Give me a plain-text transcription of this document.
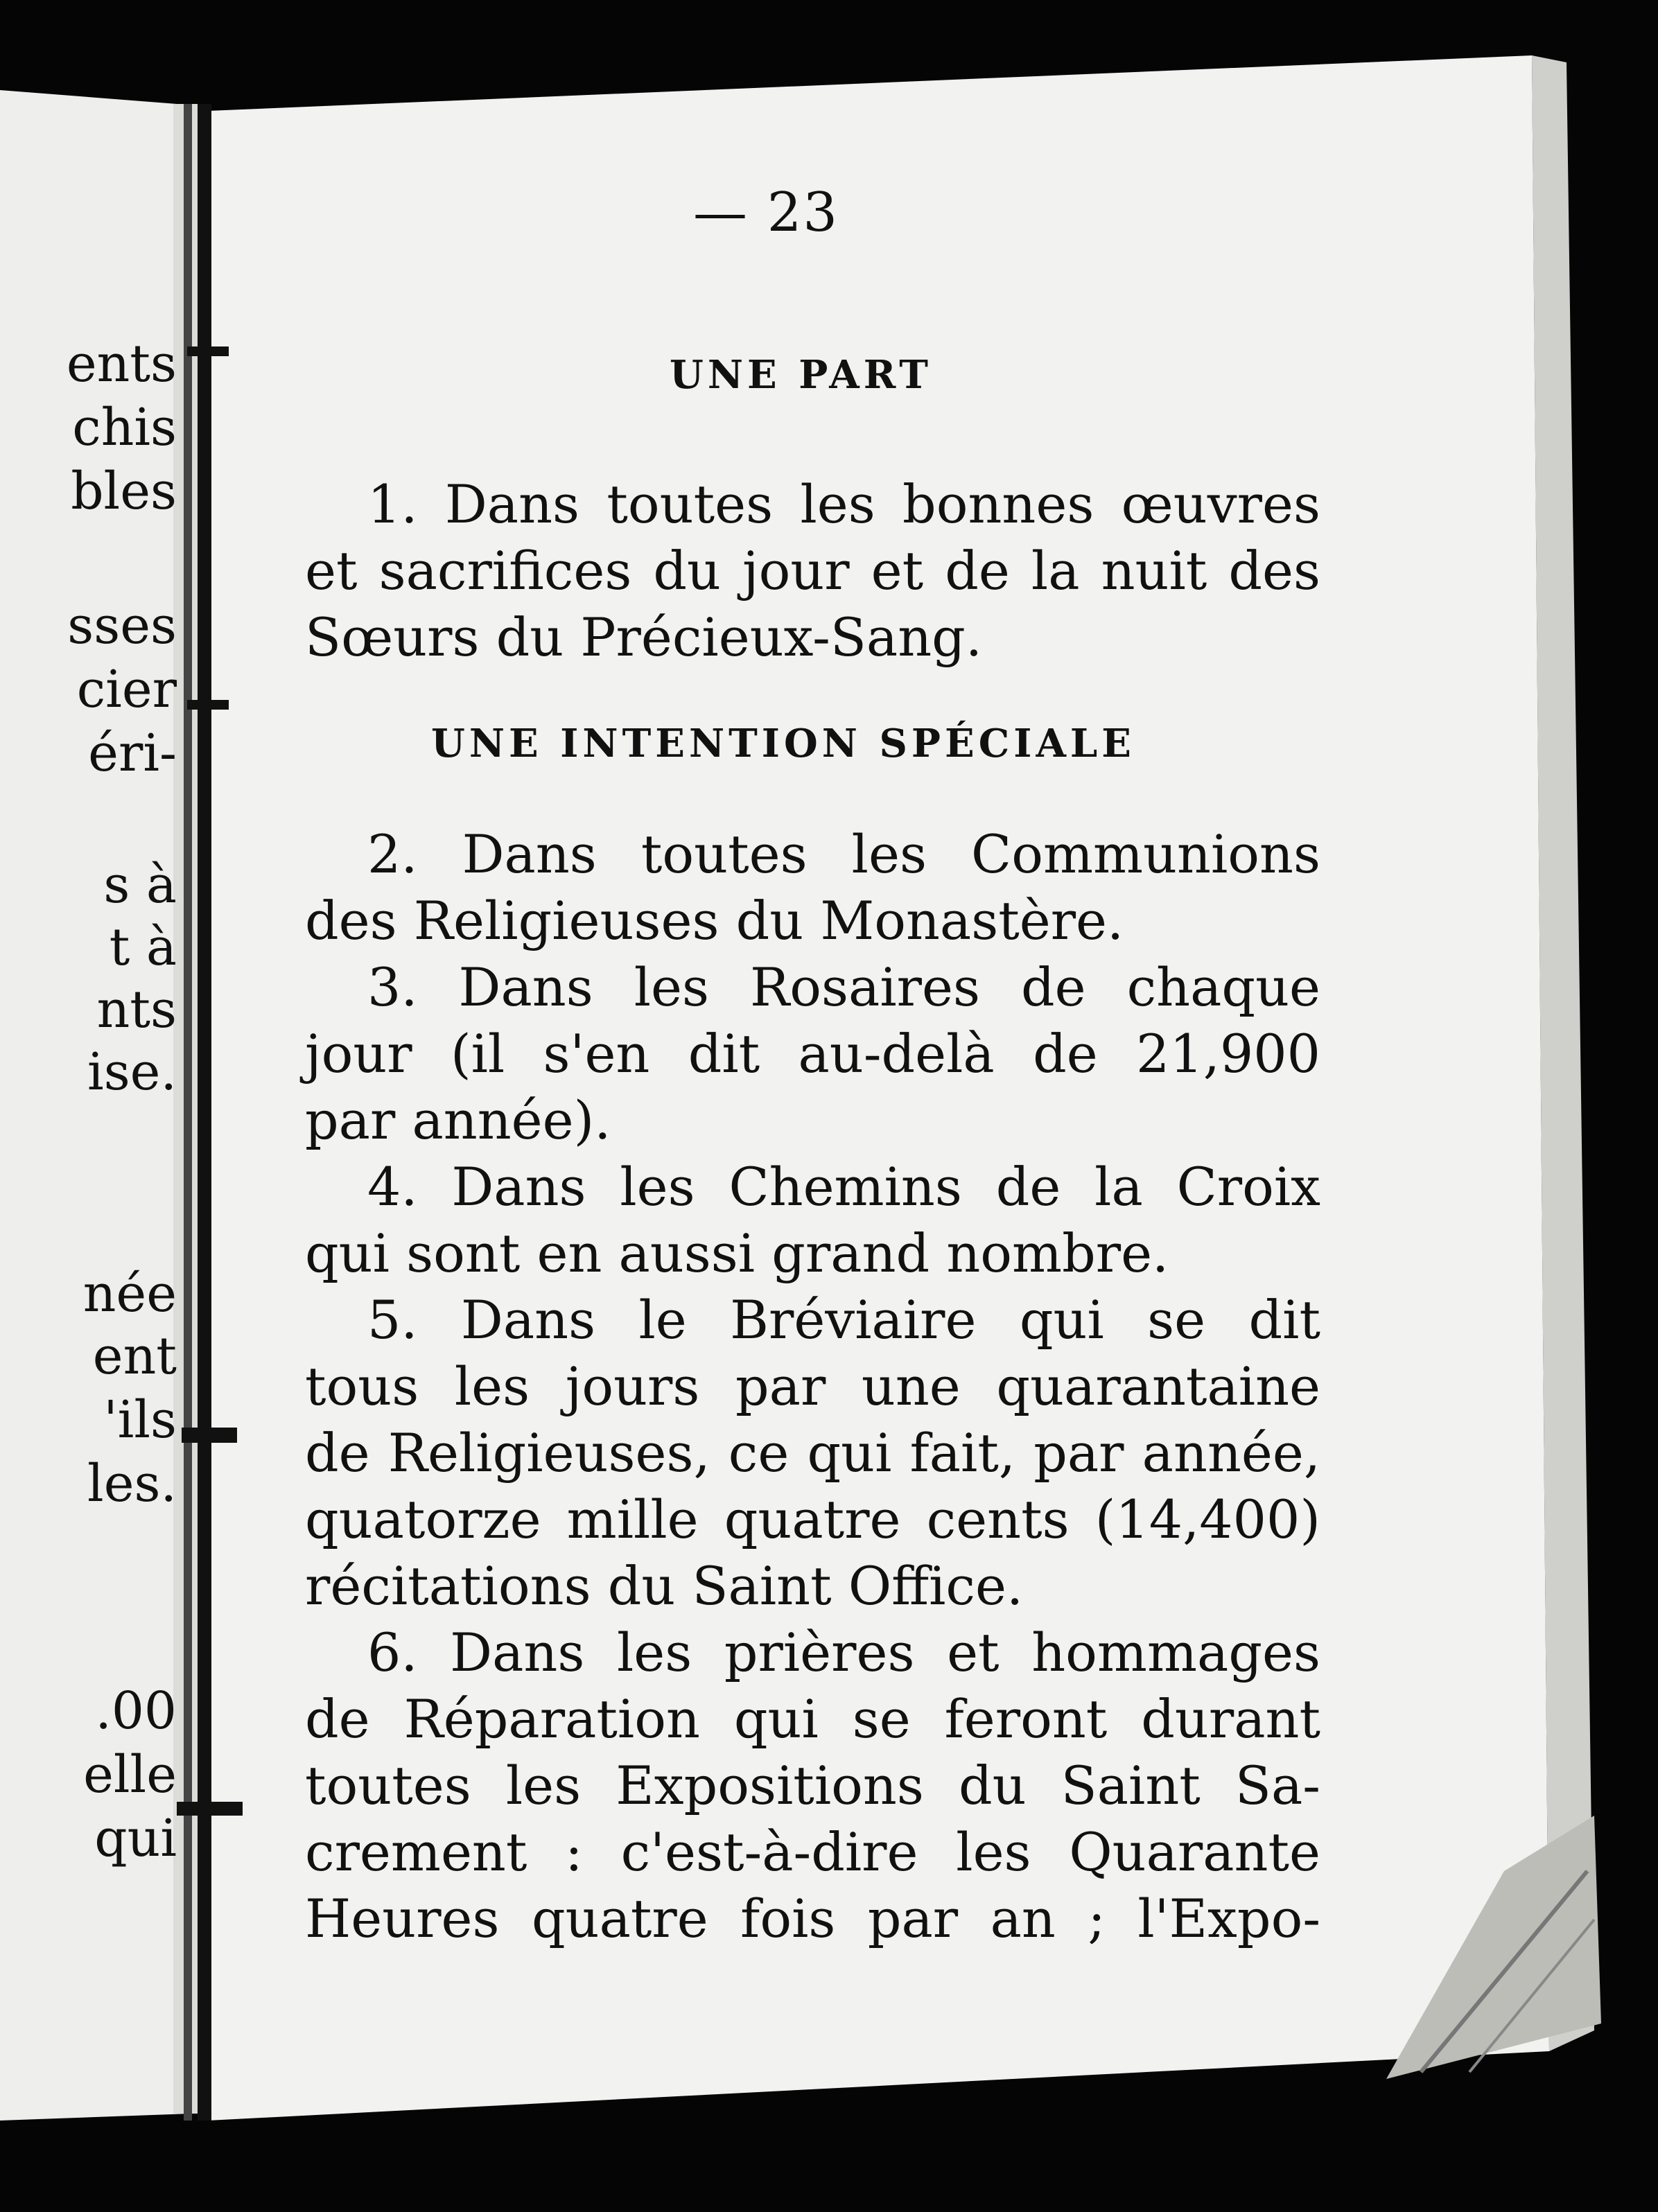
ents
chis
bles
sses
cier
éri-
s à
t à
nts
ise.
née
ent
'ils
les.
.00
elle
qui
— 23
UNE PART
1. Dans toutes les bonnes œuvres
et sacrifices du jour et de la nuit des
Sœurs du Précieux-Sang.
UNE INTENTION SPÉCIALE
2. Dans toutes les Communions
des Religieuses du Monastère.
3. Dans les Rosaires de chaque
jour (il s'en dit au-delà de 21,900
par année).
4. Dans les Chemins de la Croix
qui sont en aussi grand nombre.
5. Dans le Bréviaire qui se dit
tous les jours par une quarantaine
de Religieuses, ce qui fait, par année,
quatorze mille quatre cents (14,400)
récitations du Saint Office.
6. Dans les prières et hommages
de Réparation qui se feront durant
toutes les Expositions du Saint Sa-
crement : c'est-à-dire les Quarante
Heures quatre fois par an ; l'Expo-
